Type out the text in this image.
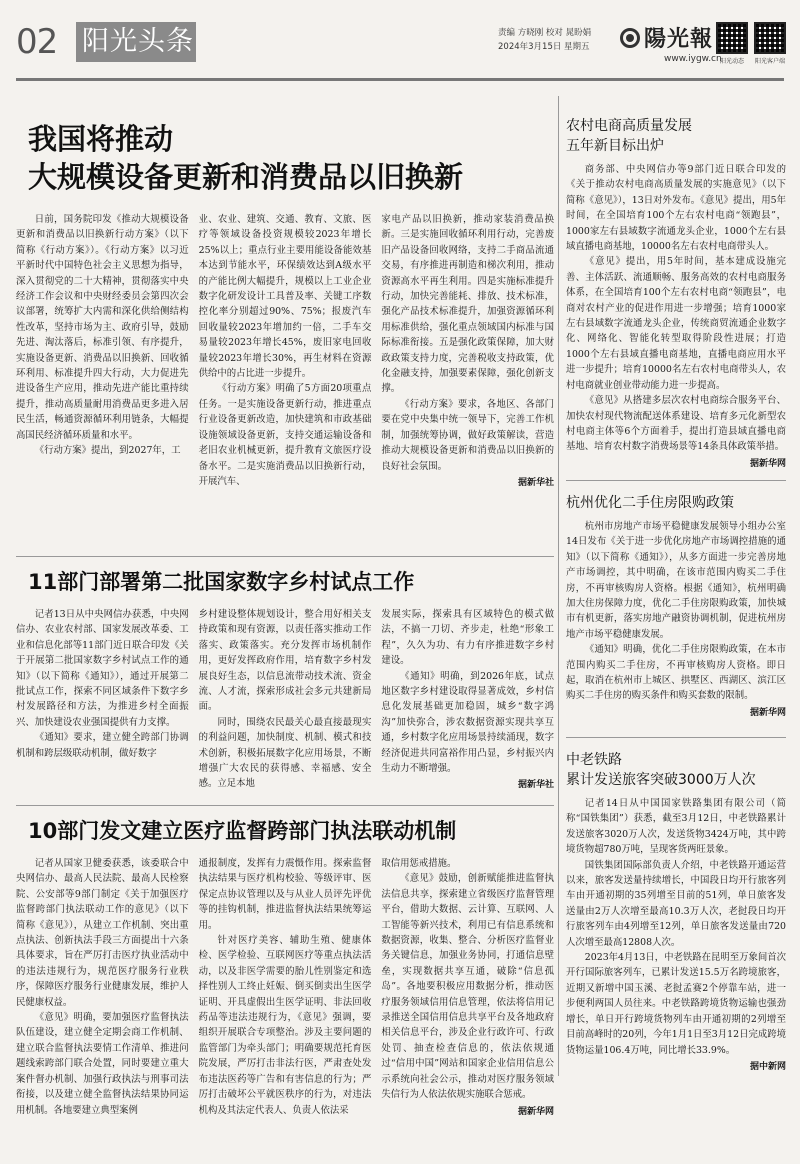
02 阳光头条	责编 方晓刚 校对 晁盼娟
2024年3月15日 星期五 陽光報
www.iygw.cn
阳光动态	阳光客户端
我国将推动
大规模设备更新和消费品以旧换新

日前，国务院印发《推动大规模设备更新和消费品以旧换新行动方案》（以下简称《行动方案》）。《行动方案》以习近平新时代中国特色社会主义思想为指导，深入贯彻党的二十大精神，贯彻落实中央经济工作会议和中央财经委员会第四次会议部署，统筹扩大内需和深化供给侧结构性改革，坚持市场为主、政府引导，鼓励先进、淘汰落后，标准引领、有序提升，实施设备更新、消费品以旧换新、回收循环利用、标准提升四大行动，大力促进先进设备生产应用，推动先进产能比重持续提升，推动高质量耐用消费品更多进入居民生活，畅通资源循环利用链条，大幅提高国民经济循环质量和水平。

《行动方案》提出，到2027年，工

业、农业、建筑、交通、教育、文旅、医疗等领域设备投资规模较2023年增长25%以上；重点行业主要用能设备能效基本达到节能水平，环保绩效达到A级水平的产能比例大幅提升，规模以上工业企业数字化研发设计工具普及率、关键工序数控化率分别超过90%、75%；报废汽车回收量较2023年增加约一倍，二手车交易量较2023年增长45%，废旧家电回收量较2023年增长30%，再生材料在资源供给中的占比进一步提升。

《行动方案》明确了5方面20项重点任务。一是实施设备更新行动，推进重点行业设备更新改造，加快建筑和市政基础设施领域设备更新，支持交通运输设备和老旧农业机械更新，提升教育文旅医疗设备水平。二是实施消费品以旧换新行动，开展汽车、

家电产品以旧换新，推动家装消费品换新。三是实施回收循环利用行动，完善废旧产品设备回收网络，支持二手商品流通交易，有序推进再制造和梯次利用，推动资源高水平再生利用。四是实施标准提升行动，加快完善能耗、排放、技术标准，强化产品技术标准提升，加强资源循环利用标准供给，强化重点领域国内标准与国际标准衔接。五是强化政策保障，加大财政政策支持力度，完善税收支持政策，优化金融支持，加强要素保障，强化创新支撑。

《行动方案》要求，各地区、各部门要在党中央集中统一领导下，完善工作机制，加强统筹协调，做好政策解读，营造推动大规模设备更新和消费品以旧换新的良好社会氛围。

据新华社
11部门部署第二批国家数字乡村试点工作

记者13日从中央网信办获悉，中央网信办、农业农村部、国家发展改革委、工业和信息化部等11部门近日联合印发《关于开展第二批国家数字乡村试点工作的通知》（以下简称《通知》），通过开展第二批试点工作，探索不同区域条件下数字乡村发展路径和方法，为推进乡村全面振兴、加快建设农业强国提供有力支撑。

《通知》要求，建立健全跨部门协调机制和跨层级联动机制，做好数字

乡村建设整体规划设计，整合用好相关支持政策和现有资源，以责任落实推动工作落实、政策落实。充分发挥市场机制作用，更好发挥政府作用，培育数字乡村发展良好生态，以信息流带动技术流、资金流、人才流，探索形成社会多元共建新局面。

同时，围绕农民最关心最直接最现实的利益问题，加快制度、机制、模式和技术创新，积极拓展数字化应用场景，不断增强广大农民的获得感、幸福感、安全感。立足本地

发展实际，探索具有区域特色的模式做法，不搞一刀切、齐步走，杜绝“形象工程”，久久为功、有力有序推进数字乡村建设。

《通知》明确，到2026年底，试点地区数字乡村建设取得显著成效，乡村信息化发展基础更加稳固，城乡“数字鸿沟”加快弥合，涉农数据资源实现共享互通，乡村数字化应用场景持续涌现，数字经济促进共同富裕作用凸显，乡村振兴内生动力不断增强。

据新华社
10部门发文建立医疗监督跨部门执法联动机制

记者从国家卫健委获悉，该委联合中央网信办、最高人民法院、最高人民检察院、公安部等9部门制定《关于加强医疗监督跨部门执法联动工作的意见》（以下简称《意见》），从建立工作机制、突出重点执法、创新执法手段三方面提出十六条具体要求，旨在严厉打击医疗执业活动中的违法违规行为，规范医疗服务行业秩序，保障医疗服务行业健康发展，维护人民健康权益。

《意见》明确，要加强医疗监督执法队伍建设，建立健全定期会商工作机制、建立联合监督执法要情工作清单、推进问题线索跨部门联合处置，同时要建立重大案件督办机制、加强行政执法与刑事司法衔接，以及建立健全监督执法结果协同运用机制。各地要建立典型案例

通报制度，发挥有力震慑作用。探索监督执法结果与医疗机构校验、等级评审、医保定点协议管理以及与从业人员评先评优等的挂钩机制，推进监督执法结果统筹运用。

针对医疗美容、辅助生殖、健康体检、医学检验、互联网医疗等重点执法活动，以及非医学需要的胎儿性别鉴定和选择性别人工终止妊娠、倒买倒卖出生医学证明、开具虚假出生医学证明、非法回收药品等违法违规行为，《意见》强调，要组织开展联合专项整治。涉及主要问题的监管部门为牵头部门；明确要规范托育医院发展，严厉打击非法行医，严肃查处发布违法医药等广告和有害信息的行为；严厉打击破坏公平就医秩序的行为，对违法机构及其法定代表人、负责人依法采

取信用惩戒措施。

《意见》鼓励，创新赋能推进监督执法信息共享，探索建立省级医疗监督管理平台，借助大数据、云计算、互联网、人工智能等新兴技术，利用已有信息系统和数据资源，收集、整合、分析医疗监督业务关键信息，加强业务协同，打通信息壁垒，实现数据共享互通，破除“信息孤岛”。各地要积极应用数据分析，推动医疗服务领域信用信息管理，依法将信用记录推送全国信用信息共享平台及各地政府相关信息平台，涉及企业行政许可、行政处罚、抽查检查信息的，依法依规通过“信用中国”网站和国家企业信用信息公示系统向社会公示，推动对医疗服务领域失信行为人依法依规实施联合惩戒。

据新华网
农村电商高质量发展
五年新目标出炉

商务部、中央网信办等9部门近日联合印发的《关于推动农村电商高质量发展的实施意见》（以下简称《意见》），13日对外发布。《意见》提出，用5年时间，在全国培育100个左右农村电商“领跑县”，1000家左右县域数字流通龙头企业，1000个左右县域直播电商基地，10000名左右农村电商带头人。

《意见》提出，用5年时间，基本建成设施完善、主体活跃、流通顺畅、服务高效的农村电商服务体系，在全国培育100个左右农村电商“领跑县”，电商对农村产业的促进作用进一步增强；培育1000家左右县域数字流通龙头企业，传统商贸流通企业数字化、网络化、智能化转型取得阶段性进展；打造1000个左右县域直播电商基地，直播电商应用水平进一步提升；培育10000名左右农村电商带头人，农村电商就业创业带动能力进一步提高。

《意见》从搭建多层次农村电商综合服务平台、加快农村现代物流配送体系建设、培育多元化新型农村电商主体等6个方面着手，提出打造县域直播电商基地、培育农村数字消费场景等14条具体政策举措。

据新华网
杭州优化二手住房限购政策

杭州市房地产市场平稳健康发展领导小组办公室14日发布《关于进一步优化房地产市场调控措施的通知》（以下简称《通知》），从多方面进一步完善房地产市场调控，其中明确，在该市范围内购买二手住房，不再审核购房人资格。根据《通知》，杭州明确加大住房保障力度，优化二手住房限购政策，加快城市有机更新，落实房地产融资协调机制，促进杭州房地产市场平稳健康发展。

《通知》明确，优化二手住房限购政策，在本市范围内购买二手住房，不再审核购房人资格。即日起，取消在杭州市上城区、拱墅区、西湖区、滨江区购买二手住房的购买条件和购买套数的限制。

据新华网
中老铁路
累计发送旅客突破3000万人次

记者14日从中国国家铁路集团有限公司（简称“国铁集团”）获悉，截至3月12日，中老铁路累计发送旅客3020万人次，发送货物3424万吨，其中跨境货物超780万吨，呈现客货两旺景象。

国铁集团国际部负责人介绍，中老铁路开通运营以来，旅客发送量持续增长，中国段日均开行旅客列车由开通初期的35列增至目前的51列，单日旅客发送量由2万人次增至最高10.3万人次，老挝段日均开行旅客列车由4列增至12列，单日旅客发送量由720人次增至最高12808人次。

2023年4月13日，中老铁路在昆明至万象间首次开行国际旅客列车，已累计发送15.5万名跨境旅客，近期又新增中国玉溪、老挝孟赛2个停靠车站，进一步便利两国人员往来。中老铁路跨境货物运输也强劲增长，单日开行跨境货物列车由开通初期的2列增至目前高峰时的20列，今年1月1日至3月12日完成跨境货物运量106.4万吨，同比增长33.9%。

据中新网
